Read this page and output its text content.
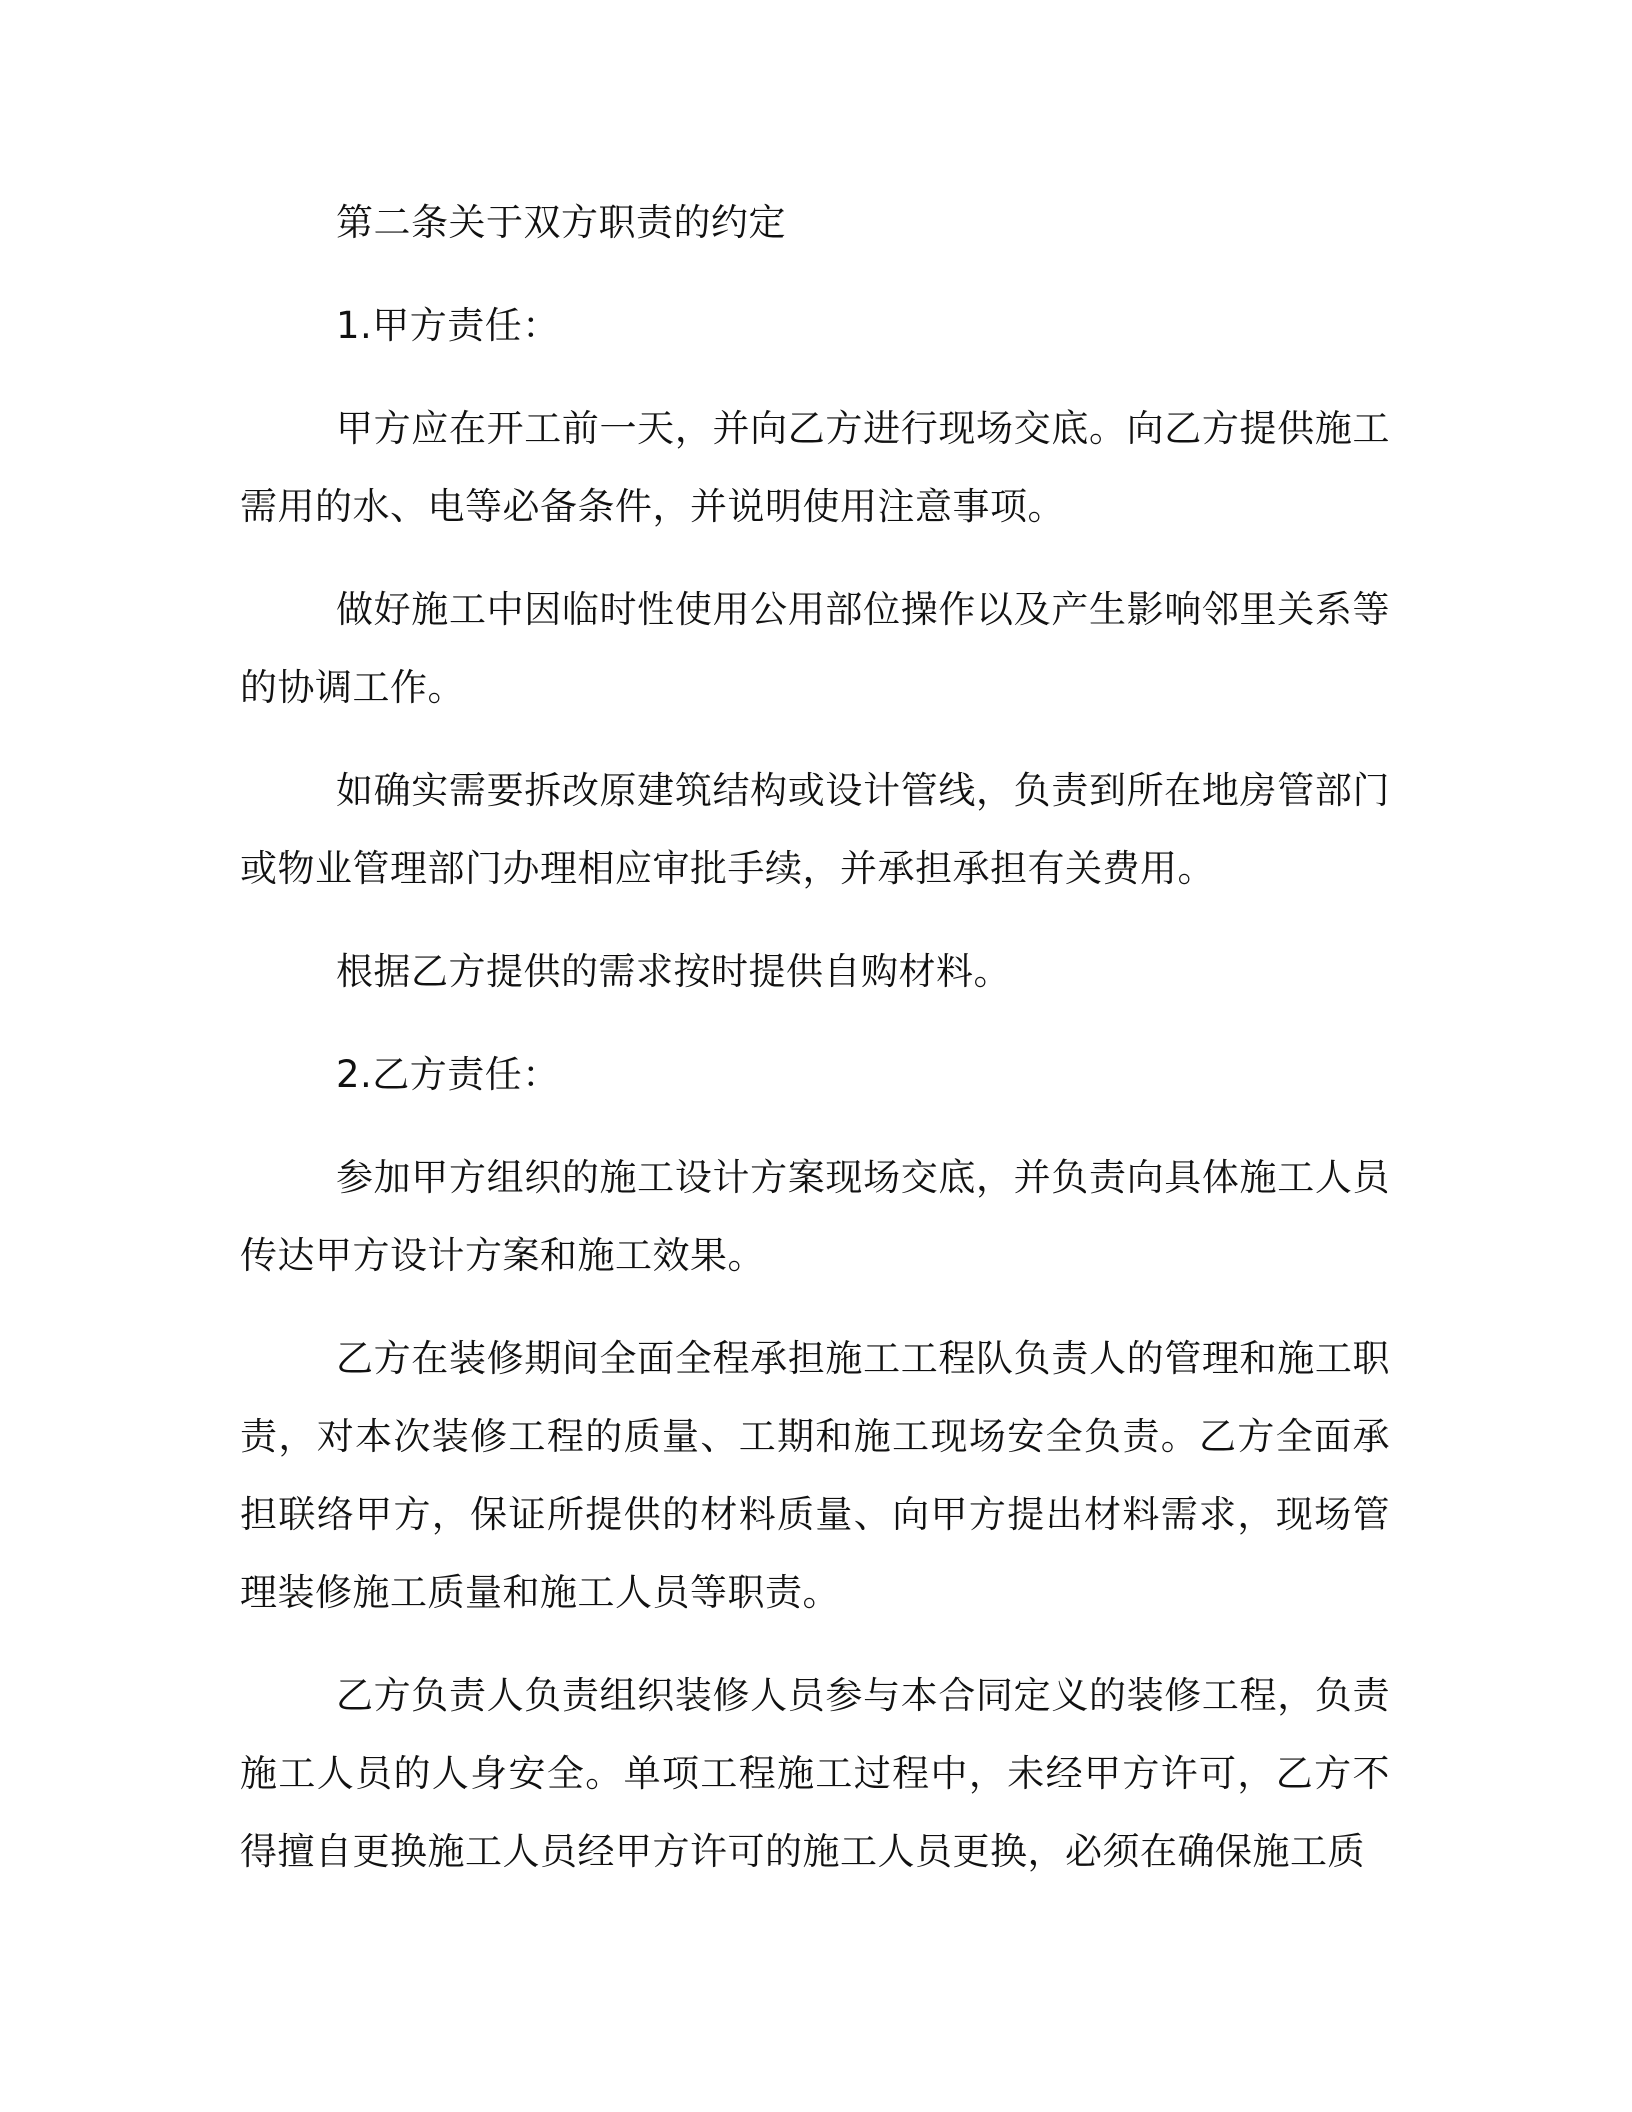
第二条关于双方职责的约定

1.甲方责任：

甲方应在开工前一天，并向乙方进行现场交底。向乙方提供施工需用的水、电等必备条件，并说明使用注意事项。

做好施工中因临时性使用公用部位操作以及产生影响邻里关系等的协调工作。

如确实需要拆改原建筑结构或设计管线，负责到所在地房管部门或物业管理部门办理相应审批手续，并承担承担有关费用。

根据乙方提供的需求按时提供自购材料。

2.乙方责任：

参加甲方组织的施工设计方案现场交底，并负责向具体施工人员传达甲方设计方案和施工效果。

乙方在装修期间全面全程承担施工工程队负责人的管理和施工职责，对本次装修工程的质量、工期和施工现场安全负责。乙方全面承担联络甲方，保证所提供的材料质量、向甲方提出材料需求，现场管理装修施工质量和施工人员等职责。

乙方负责人负责组织装修人员参与本合同定义的装修工程，负责施工人员的人身安全。单项工程施工过程中，未经甲方许可，乙方不得擅自更换施工人员经甲方许可的施工人员更换，必须在确保施工质
